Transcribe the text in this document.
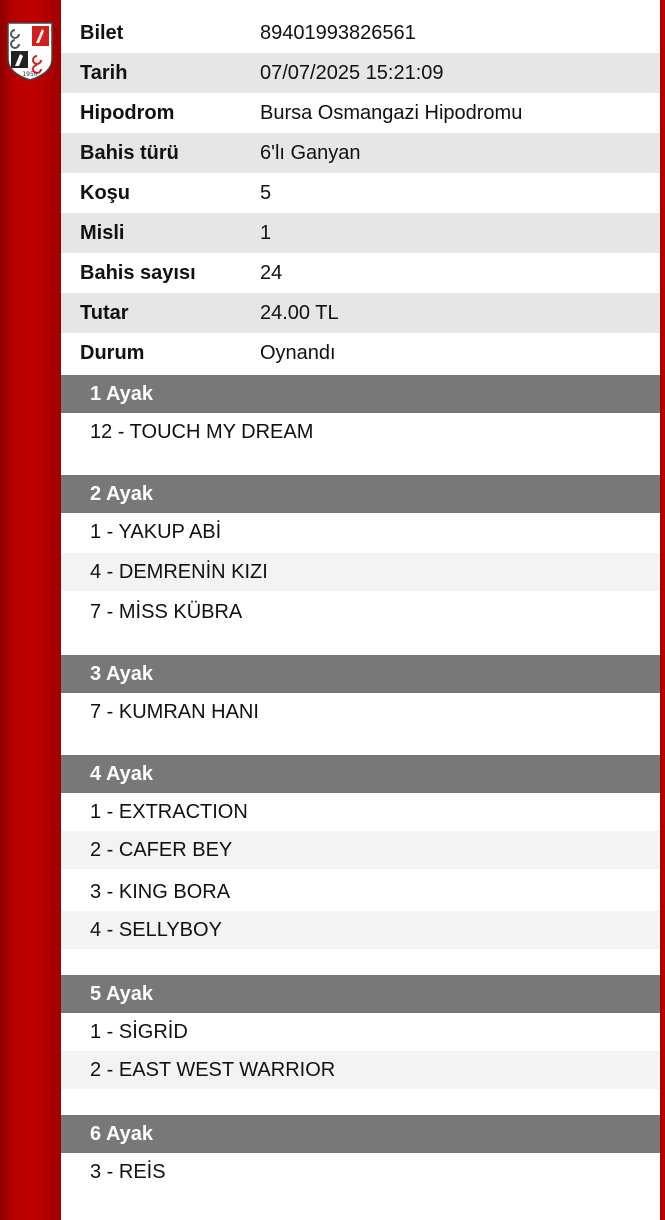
1950
Bilet	89401993826561
Tarih	07/07/2025 15:21:09
Hipodrom	Bursa Osmangazi Hipodromu
Bahis türü	6'lı Ganyan
Koşu	5
Misli	1
Bahis sayısı	24
Tutar	24.00 TL
Durum	Oynandı
1 Ayak
12 - TOUCH MY DREAM
2 Ayak
1 - YAKUP ABİ
4 - DEMRENİN KIZI
7 - MİSS KÜBRA
3 Ayak
7 - KUMRAN HANI
4 Ayak
1 - EXTRACTION
2 - CAFER BEY
3 - KING BORA
4 - SELLYBOY
5 Ayak
1 - SİGRİD
2 - EAST WEST WARRIOR
6 Ayak
3 - REİS
